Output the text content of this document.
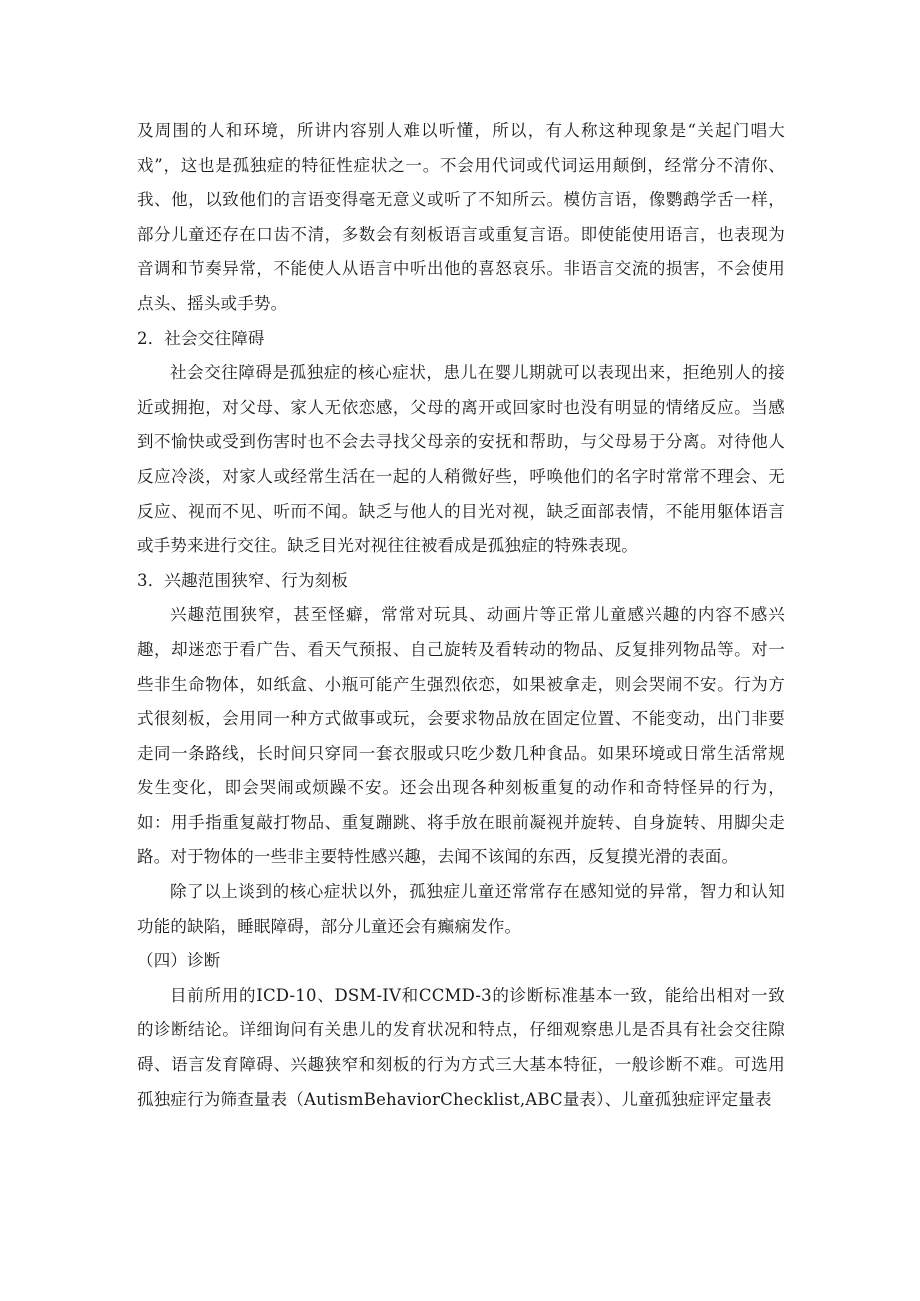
及周围的人和环境，所讲内容别人难以听懂，所以，有人称这种现象是“关起门唱大戏”，这也是孤独症的特征性症状之一。不会用代词或代词运用颠倒，经常分不清你、我、他，以致他们的言语变得毫无意义或听了不知所云。模仿言语，像鹦鹉学舌一样，部分儿童还存在口齿不清，多数会有刻板语言或重复言语。即使能使用语言，也表现为音调和节奏异常，不能使人从语言中听出他的喜怒哀乐。非语言交流的损害，不会使用点头、摇头或手势。

2．社会交往障碍

社会交往障碍是孤独症的核心症状，患儿在婴儿期就可以表现出来，拒绝别人的接近或拥抱，对父母、家人无依恋感，父母的离开或回家时也没有明显的情绪反应。当感到不愉快或受到伤害时也不会去寻找父母亲的安抚和帮助，与父母易于分离。对待他人反应冷淡，对家人或经常生活在一起的人稍微好些，呼唤他们的名字时常常不理会、无反应、视而不见、听而不闻。缺乏与他人的目光对视，缺乏面部表情，不能用躯体语言或手势来进行交往。缺乏目光对视往往被看成是孤独症的特殊表现。

3．兴趣范围狭窄、行为刻板

兴趣范围狭窄，甚至怪癖，常常对玩具、动画片等正常儿童感兴趣的内容不感兴趣，却迷恋于看广告、看天气预报、自己旋转及看转动的物品、反复排列物品等。对一些非生命物体，如纸盒、小瓶可能产生强烈依恋，如果被拿走，则会哭闹不安。行为方式很刻板，会用同一种方式做事或玩，会要求物品放在固定位置、不能变动，出门非要走同一条路线，长时间只穿同一套衣服或只吃少数几种食品。如果环境或日常生活常规发生变化，即会哭闹或烦躁不安。还会出现各种刻板重复的动作和奇特怪异的行为，如：用手指重复敲打物品、重复蹦跳、将手放在眼前凝视并旋转、自身旋转、用脚尖走路。对于物体的一些非主要特性感兴趣，去闻不该闻的东西，反复摸光滑的表面。

除了以上谈到的核心症状以外，孤独症儿童还常常存在感知觉的异常，智力和认知功能的缺陷，睡眠障碍，部分儿童还会有癫痫发作。

（四）诊断

目前所用的ICD-10、DSM-IV和CCMD-3的诊断标准基本一致，能给出相对一致的诊断结论。详细询问有关患儿的发育状况和特点，仔细观察患儿是否具有社会交往隙碍、语言发育障碍、兴趣狭窄和刻板的行为方式三大基本特征，一般诊断不难。可选用孤独症行为筛查量表（AutismBehaviorChecklist,ABC量表）、儿童孤独症评定量表
